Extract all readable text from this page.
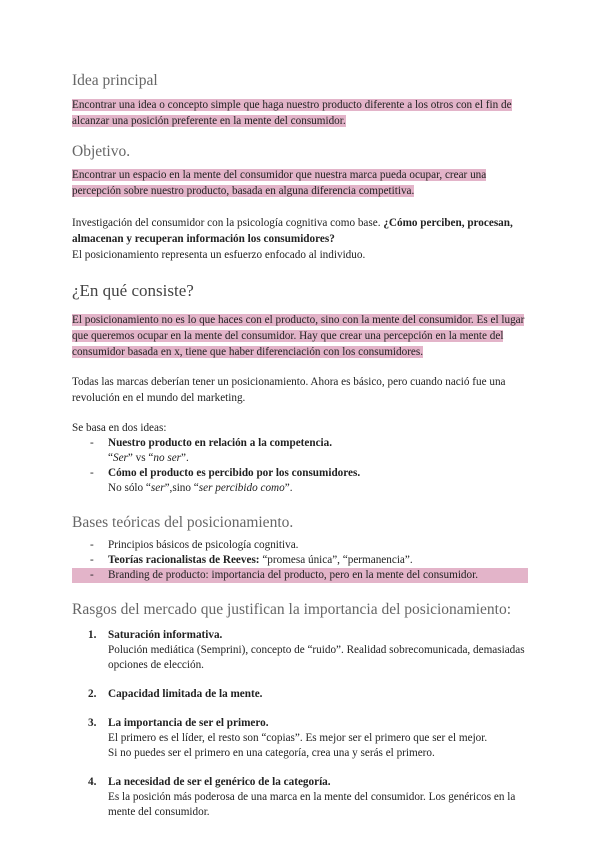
Idea principal

Encontrar una idea o concepto simple que haga nuestro producto diferente a los otros con el fin de alcanzar una posición preferente en la mente del consumidor.

Objetivo.

Encontrar un espacio en la mente del consumidor que nuestra marca pueda ocupar, crear una percepción sobre nuestro producto, basada en alguna diferencia competitiva.

Investigación del consumidor con la psicología cognitiva como base. ¿Cómo perciben, procesan, almacenan y recuperan información los consumidores?
El posicionamiento representa un esfuerzo enfocado al individuo.

¿En qué consiste?

El posicionamiento no es lo que haces con el producto, sino con la mente del consumidor. Es el lugar que queremos ocupar en la mente del consumidor. Hay que crear una percepción en la mente del consumidor basada en x, tiene que haber diferenciación con los consumidores.

Todas las marcas deberían tener un posicionamiento. Ahora es básico, pero cuando nació fue una revolución en el mundo del marketing.

Se basa en dos ideas:

- Nuestro producto en relación a la competencia.
“Ser” vs “no ser”.
- Cómo el producto es percibido por los consumidores.
No sólo “ser”,sino “ser percibido como”.
Bases teóricas del posicionamiento.
- Principios básicos de psicología cognitiva.
- Teorías racionalistas de Reeves: “promesa única”, “permanencia”.
- Branding de producto: importancia del producto, pero en la mente del consumidor.
Rasgos del mercado que justifican la importancia del posicionamiento:
1. Saturación informativa.
Polución mediática (Semprini), concepto de “ruido”. Realidad sobrecomunicada, demasiadas opciones de elección.
2. Capacidad limitada de la mente.
3. La importancia de ser el primero.
El primero es el líder, el resto son “copias”. Es mejor ser el primero que ser el mejor.
Si no puedes ser el primero en una categoría, crea una y serás el primero.
4. La necesidad de ser el genérico de la categoría.
Es la posición más poderosa de una marca en la mente del consumidor. Los genéricos en la mente del consumidor.
